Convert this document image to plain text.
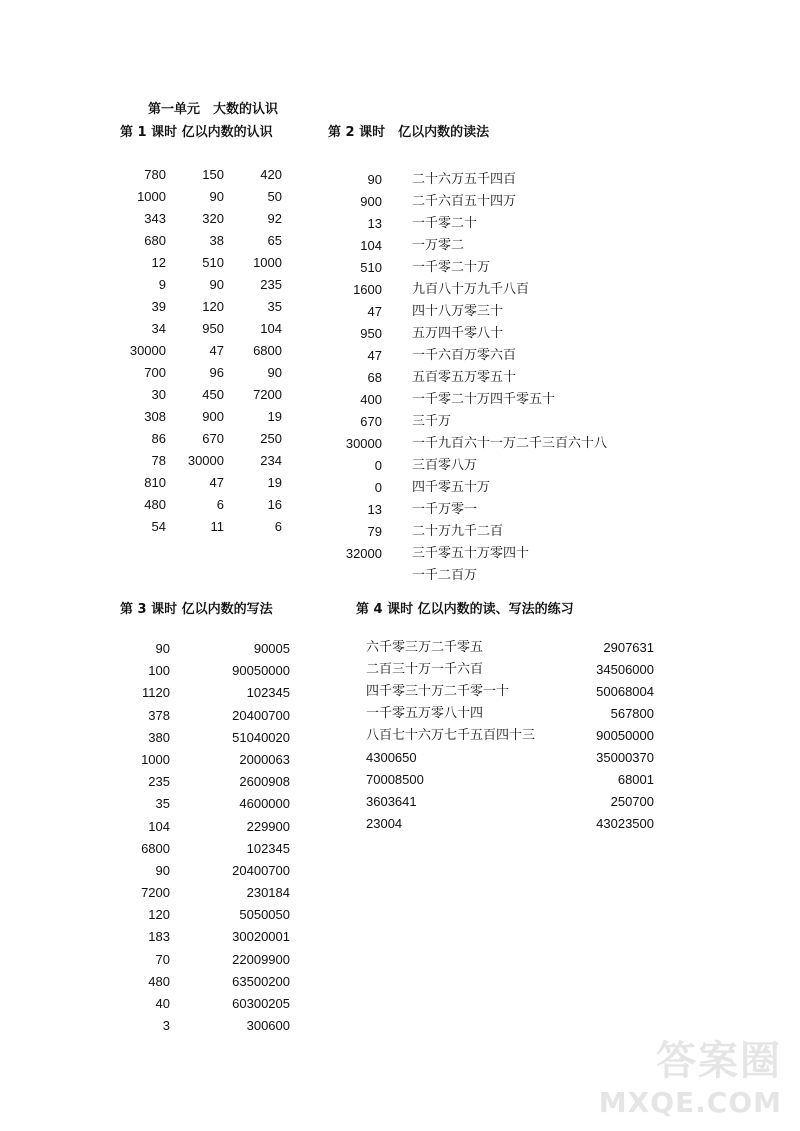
第一单元　大数的认识
第 1 课时 亿以内数的认识	第 2 课时　亿以内数的读法
第 3 课时 亿以内数的写法	第 4 课时 亿以内数的读、写法的练习
780	150	420
1000	90	50
343	320	92
680	38	65
12	510 1000
9	90	235
39	120	35
34	950	104
30000	47 6800
700	96	90
30	450 7200
308	900	19
86	670	250
78 30000	234
810	47	19
480	6	16
54	11	6
90 二十六万五千四百
900 二千六百五十四万
13 一千零二十
104 一万零二
510 一千零二十万
1600 九百八十万九千八百
47 四十八万零三十
950 五万四千零八十
47 一千六百万零六百
68 五百零五万零五十
400 一千零二十万四千零五十
670 三千万
30000 一千九百六十一万二千三百六十八
0 三百零八万
0 四千零五十万
13 一千万零一
79 二十万九千二百
32000 三千零五十万零四十
一千二百万
90	90005
100	90050000
1120	102345
378	20400700
380	51040020
1000	2000063
235	2600908
35	4600000
104	229900
6800	102345
90	20400700
7200	230184
120	5050050
183	30020001
70	22009900
480	63500200
40	60300205
3	300600
六千零三万二千零五	2907631
二百三十万一千六百	34506000
四千零三十万二千零一十	50068004
一千零五万零八十四	567800
八百七十六万七千五百四十三	90050000
4300650	35000370
70008500	68001
3603641	250700
23004	43023500
答案圈
MXQE.COM
